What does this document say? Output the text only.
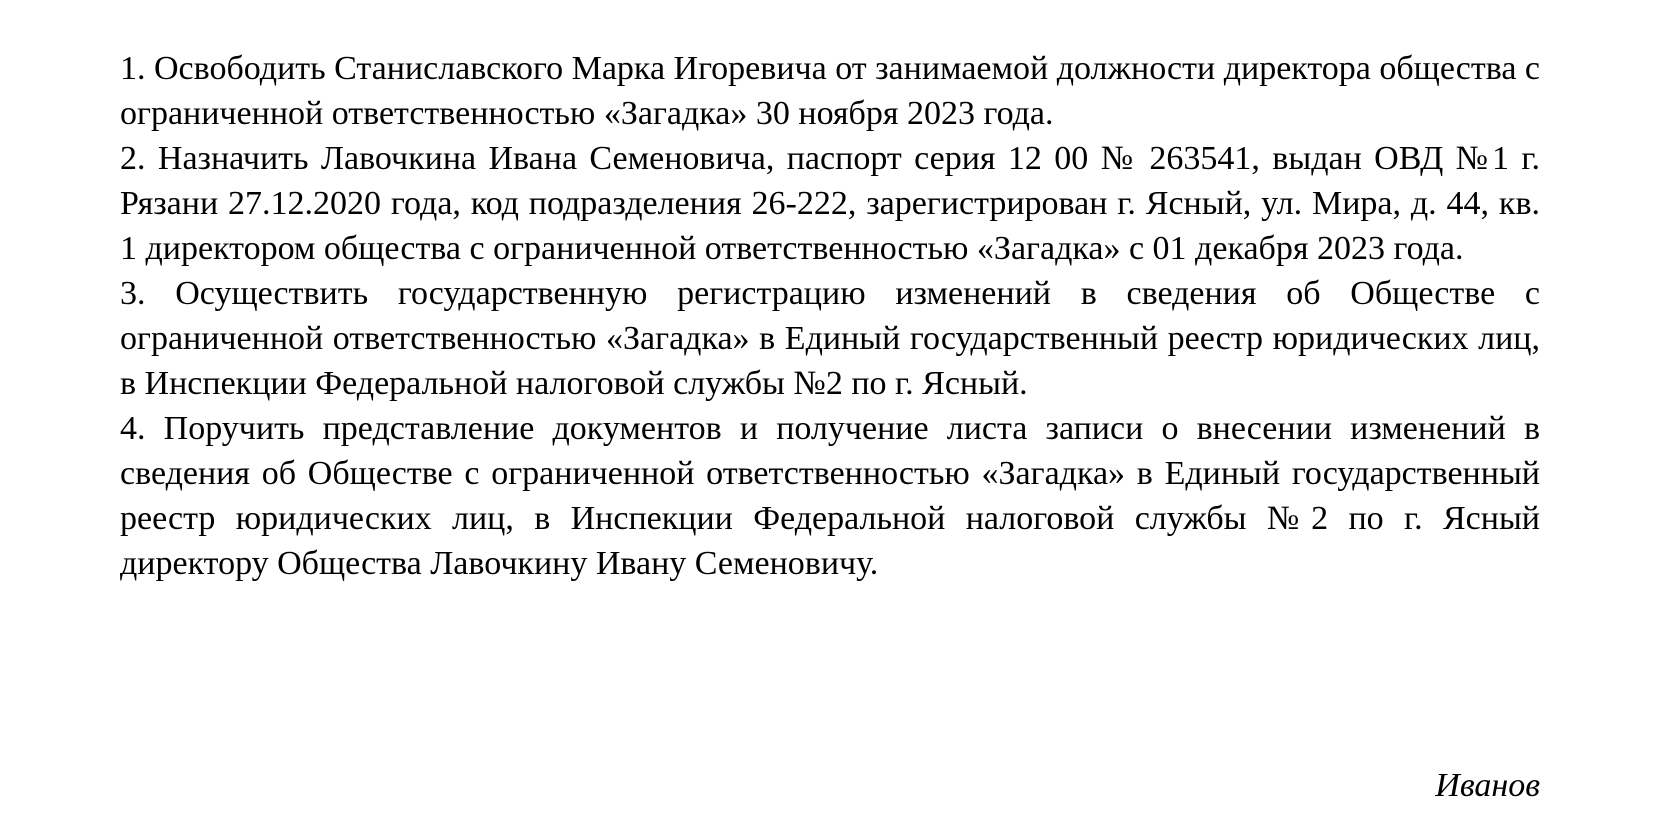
1. Освободить Станиславского Марка Игоревича от занимаемой должности директора общества с ограниченной ответственностью «Загадка» 30 ноября 2023 года.

2. Назначить Лавочкина Ивана Семеновича, паспорт серия 12 00 № 263541, выдан ОВД №1 г. Рязани 27.12.2020 года, код подразделения 26-222, зарегистрирован г. Ясный, ул. Мира, д. 44, кв. 1 директором общества с ограниченной ответственностью «Загадка» с 01 декабря 2023 года.

3. Осуществить государственную регистрацию изменений в сведения об Обществе с ограниченной ответственностью «Загадка» в Единый государственный реестр юридических лиц, в Инспекции Федеральной налоговой службы №2 по г. Ясный.

4. Поручить представление документов и получение листа записи о внесении изменений в сведения об Обществе с ограниченной ответственностью «Загадка» в Единый государственный реестр юридических лиц, в Инспекции Федеральной налоговой службы №2 по г. Ясный директору Общества Лавочкину Ивану Семеновичу.

Иванов
